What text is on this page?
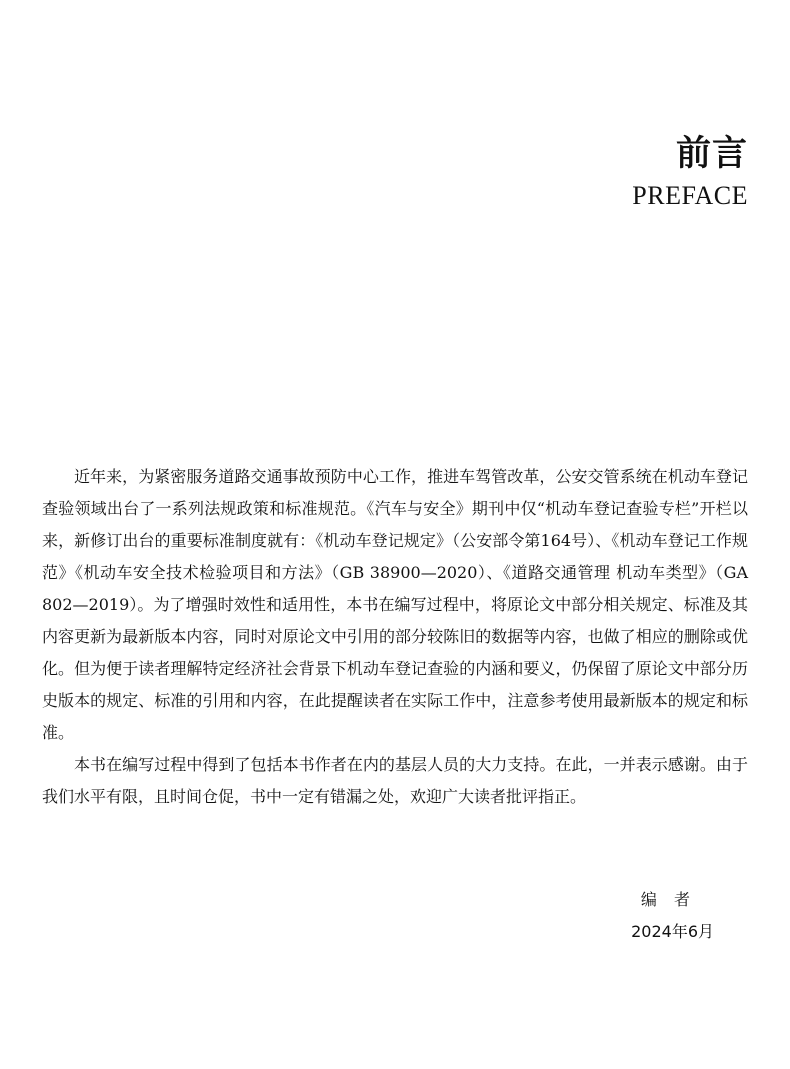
前言
PREFACE

近年来，为紧密服务道路交通事故预防中心工作，推进车驾管改革，公安交管系统在机动车登记查验领域出台了一系列法规政策和标准规范。《汽车与安全》期刊中仅“机动车登记查验专栏”开栏以来，新修订出台的重要标准制度就有：《机动车登记规定》（公安部令第164号）、《机动车登记工作规范》《机动车安全技术检验项目和方法》（GB 38900—2020）、《道路交通管理 机动车类型》（GA 802—2019）。为了增强时效性和适用性，本书在编写过程中，将原论文中部分相关规定、标准及其内容更新为最新版本内容，同时对原论文中引用的部分较陈旧的数据等内容，也做了相应的删除或优化。但为便于读者理解特定经济社会背景下机动车登记查验的内涵和要义，仍保留了原论文中部分历史版本的规定、标准的引用和内容，在此提醒读者在实际工作中，注意参考使用最新版本的规定和标准。

本书在编写过程中得到了包括本书作者在内的基层人员的大力支持。在此，一并表示感谢。由于我们水平有限，且时间仓促，书中一定有错漏之处，欢迎广大读者批评指正。

编 者
2024年6月
